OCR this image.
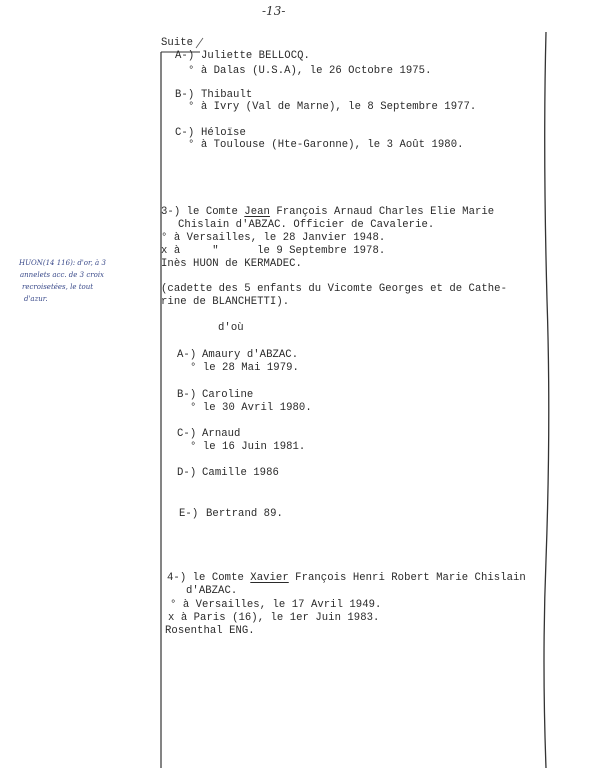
-13-
Suite
A-) Juliette BELLOCQ.
° à Dalas (U.S.A), le 26 Octobre 1975.
B-) Thibault
° à Ivry (Val de Marne), le 8 Septembre 1977.
C-) Héloïse
° à Toulouse (Hte-Garonne), le 3 Août 1980.
3-) le Comte Jean François Arnaud Charles Elie Marie
Chislain d'ABZAC. Officier de Cavalerie.
° à Versailles, le 28 Janvier 1948.
x à     "      le 9 Septembre 1978.
Inès HUON de KERMADEC.
(cadette des 5 enfants du Vicomte Georges et de Cathe-
rine de BLANCHETTI).
d'où
A-) Amaury d'ABZAC.
° le 28 Mai 1979.
B-) Caroline
° le 30 Avril 1980.
C-) Arnaud
° le 16 Juin 1981.
D-) Camille 1986
E-) Bertrand 89.
4-) le Comte Xavier François Henri Robert Marie Chislain
d'ABZAC.
° à Versailles, le 17 Avril 1949.
x à Paris (16), le 1er Juin 1983.
Rosenthal ENG.
HUON(14 116): d'or, à 3
annelets acc. de 3 croix
recroisetées, le tout
d'azur.
